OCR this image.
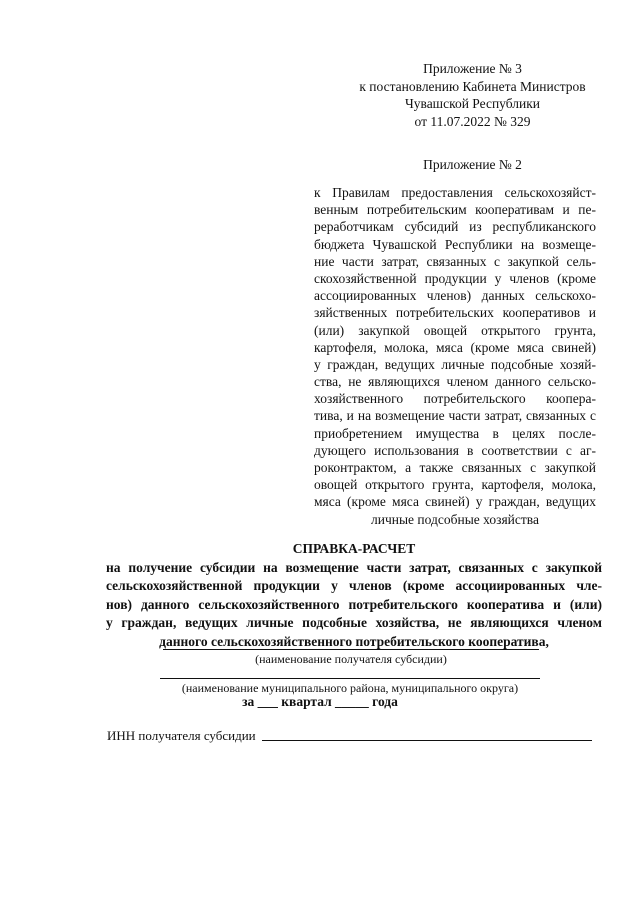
Приложение № 3
к постановлению Кабинета Министров
Чувашской Республики
от 11.07.2022 № 329
Приложение № 2
к Правилам предоставления сельскохозяйст-
венным потребительским кооперативам и пе-
реработчикам субсидий из республиканского
бюджета Чувашской Республики на возмеще-
ние части затрат, связанных с закупкой сель-
скохозяйственной продукции у членов (кроме
ассоциированных членов) данных сельскохо-
зяйственных потребительских кооперативов и
(или) закупкой овощей открытого грунта,
картофеля, молока, мяса (кроме мяса свиней)
у граждан, ведущих личные подсобные хозяй-
ства, не являющихся членом данного сельско-
хозяйственного потребительского коопера-
тива, и на возмещение части затрат, связанных с
приобретением имущества в целях после-
дующего использования в соответствии с аг-
роконтрактом, а также связанных с закупкой
овощей открытого грунта, картофеля, молока,
мяса (кроме мяса свиней) у граждан, ведущих
личные подсобные хозяйства
СПРАВКА-РАСЧЕТ
на получение субсидии на возмещение части затрат, связанных с закупкой
сельскохозяйственной продукции у членов (кроме ассоциированных чле-
нов) данного сельскохозяйственного потребительского кооператива и (или)
у граждан, ведущих личные подсобные хозяйства, не являющихся членом
данного сельскохозяйственного потребительского кооператива,
(наименование получателя субсидии)
(наименование муниципального района, муниципального округа)
за ___ квартал _____ года
ИНН получателя субсидии
